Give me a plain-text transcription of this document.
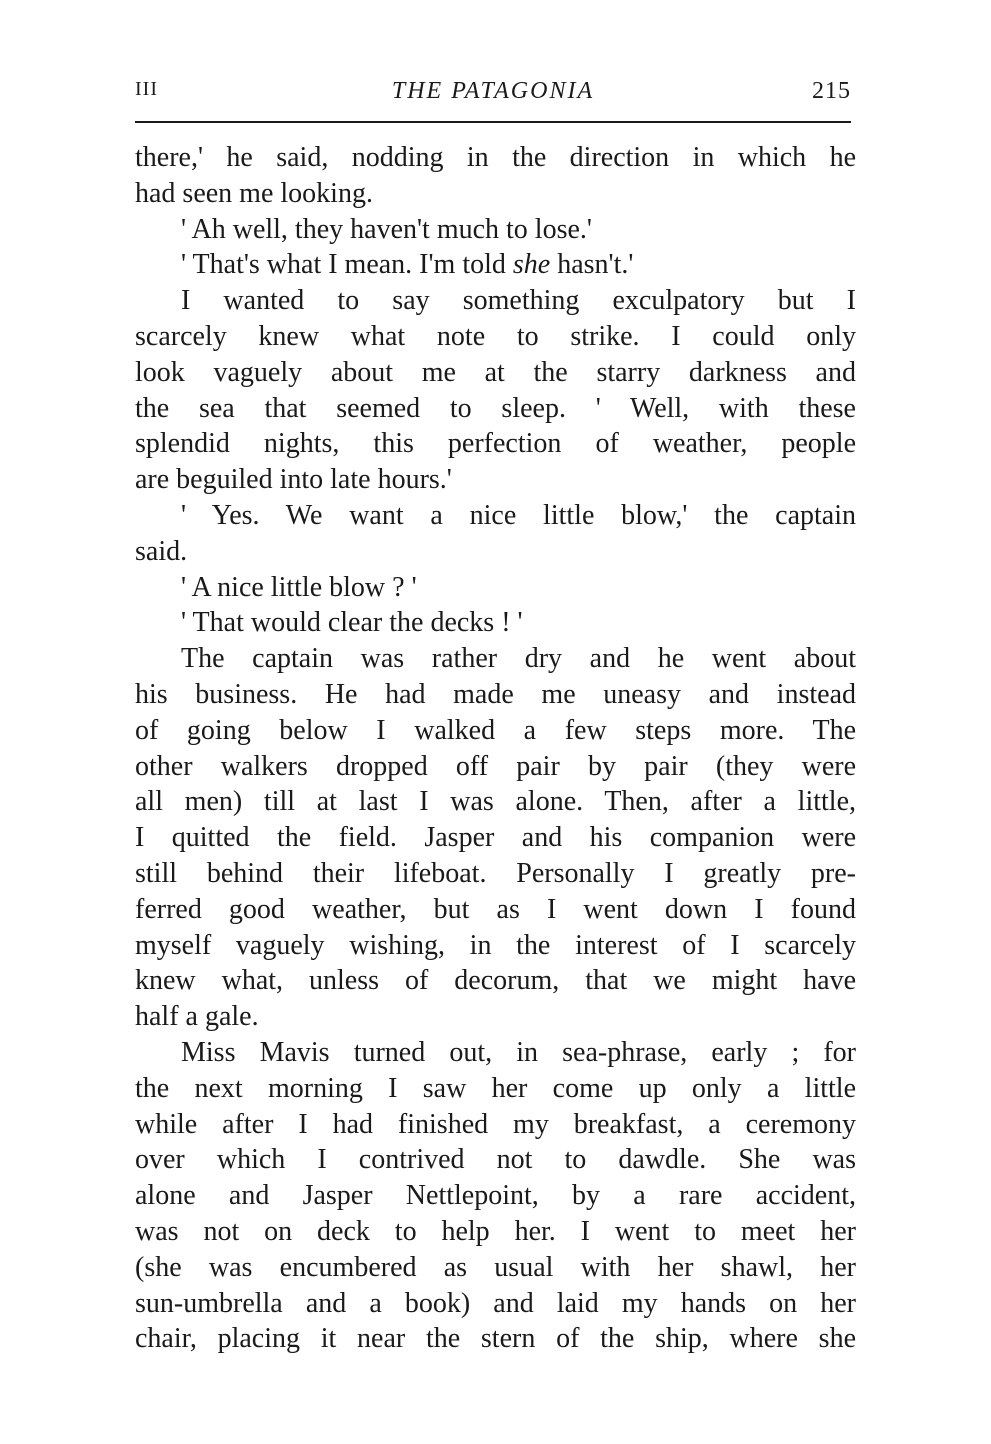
III	THE PATAGONIA	215
there,' he said, nodding in the direction in which he
had seen me looking.
' Ah well, they haven't much to lose.'
' That's what I mean. I'm told she hasn't.'
I wanted to say something exculpatory but I
scarcely knew what note to strike. I could only
look vaguely about me at the starry darkness and
the sea that seemed to sleep. ' Well, with these
splendid nights, this perfection of weather, people
are beguiled into late hours.'
' Yes. We want a nice little blow,' the captain
said.
' A nice little blow ? '
' That would clear the decks ! '
The captain was rather dry and he went about
his business. He had made me uneasy and instead
of going below I walked a few steps more. The
other walkers dropped off pair by pair (they were
all men) till at last I was alone. Then, after a little,
I quitted the field. Jasper and his companion were
still behind their lifeboat. Personally I greatly pre-
ferred good weather, but as I went down I found
myself vaguely wishing, in the interest of I scarcely
knew what, unless of decorum, that we might have
half a gale.
Miss Mavis turned out, in sea-phrase, early ; for
the next morning I saw her come up only a little
while after I had finished my breakfast, a ceremony
over which I contrived not to dawdle. She was
alone and Jasper Nettlepoint, by a rare accident,
was not on deck to help her. I went to meet her
(she was encumbered as usual with her shawl, her
sun-umbrella and a book) and laid my hands on her
chair, placing it near the stern of the ship, where she
